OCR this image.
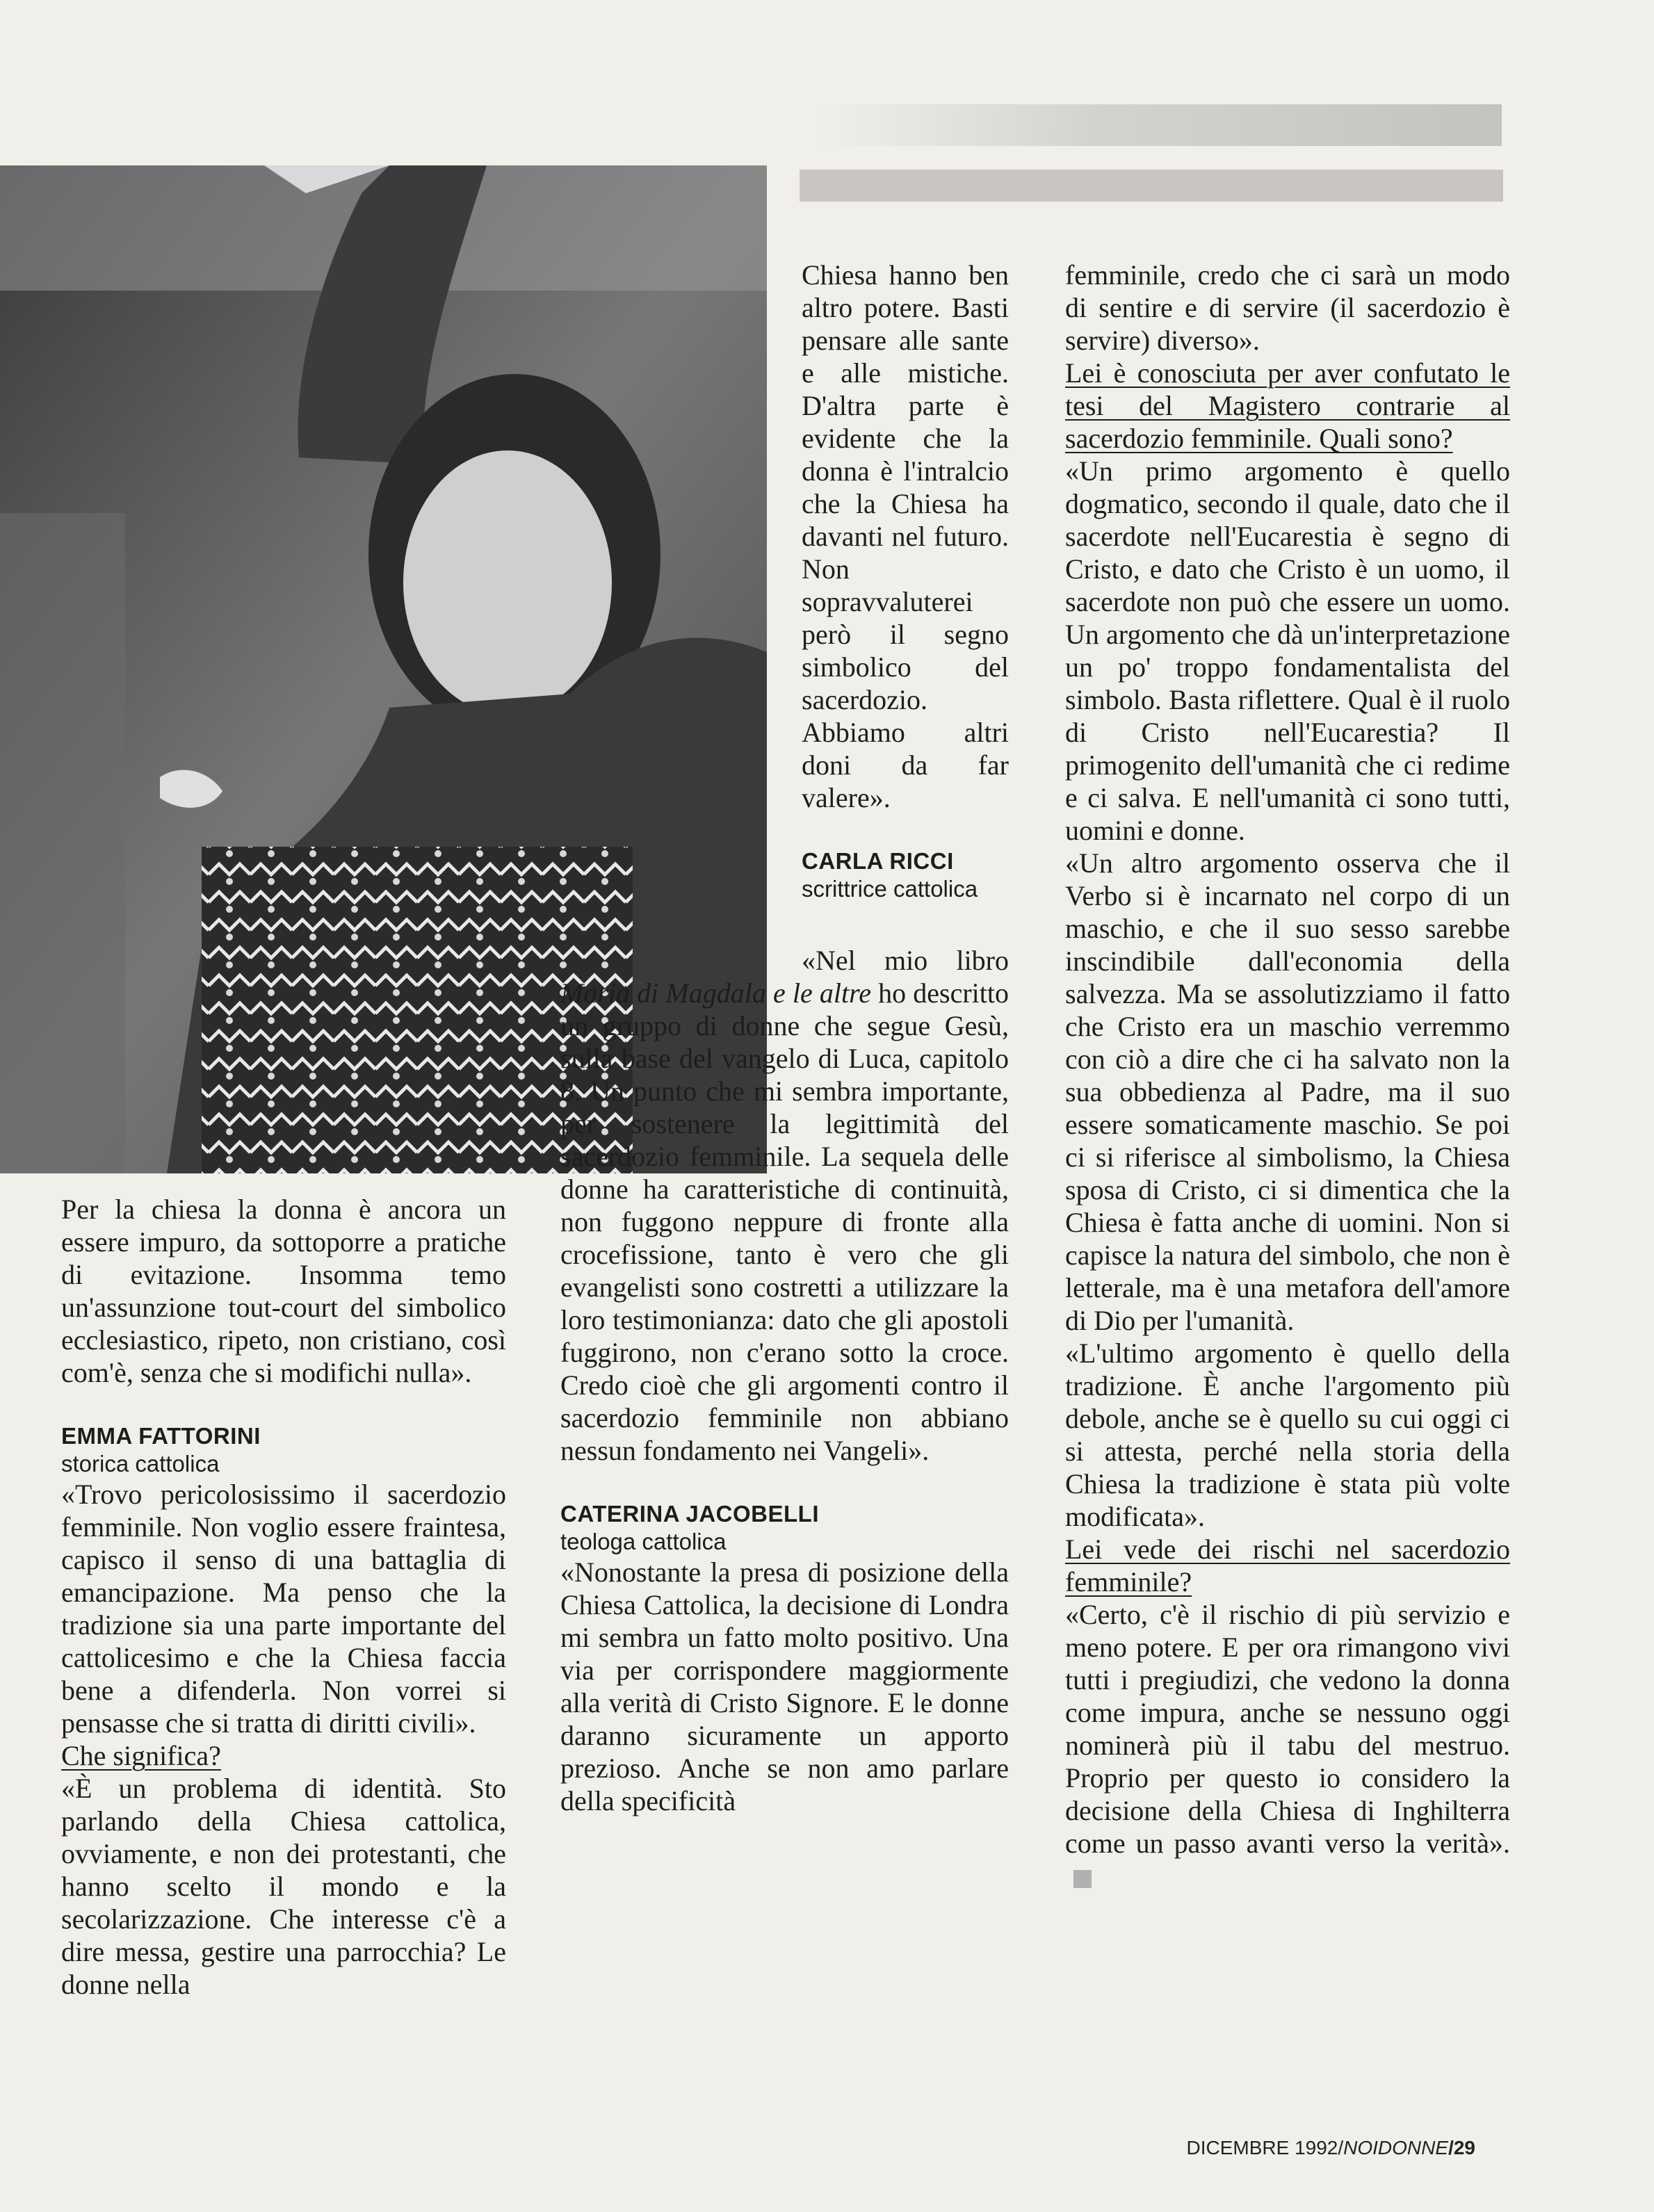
Per la chiesa la donna è ancora un essere impuro, da sottoporre a pratiche di evitazione. Insomma temo un'assunzione tout-court del simbolico ecclesiastico, ripeto, non cristiano, così com'è, senza che si modifichi nulla».

EMMA FATTORINI
storica cattolica

«Trovo pericolosissimo il sacerdozio femminile. Non voglio essere fraintesa, capisco il senso di una battaglia di emancipazione. Ma penso che la tradizione sia una parte importante del cattolicesimo e che la Chiesa faccia bene a difenderla. Non vorrei si pensasse che si tratta di diritti civili».

Che significa?

«È un problema di identità. Sto parlando della Chiesa cattolica, ovviamente, e non dei protestanti, che hanno scelto il mondo e la secolarizzazione. Che interesse c'è a dire messa, gestire una parrocchia? Le donne nella

Chiesa hanno ben altro potere. Basti pensare alle sante e alle mistiche. D'altra parte è evidente che la donna è l'intralcio che la Chiesa ha davanti nel futuro. Non sopravvaluterei però il segno simbolico del sacerdozio. Abbiamo altri doni da far valere».

CARLA RICCI
scrittrice cattolica

«Nel mio libro Maria di Magdala e le altre ho descritto un gruppo di donne che segue Gesù, sulla base del vangelo di Luca, capitolo 8. Un punto che mi sembra importante, per sostenere la legittimità del sacerdozio femminile. La sequela delle donne ha caratteristiche di continuità, non fuggono neppure di fronte alla crocefissione, tanto è vero che gli evangelisti sono costretti a utilizzare la loro testimonianza: dato che gli apostoli fuggirono, non c'erano sotto la croce. Credo cioè che gli argomenti contro il sacerdozio femminile non abbiano nessun fondamento nei Vangeli».

CATERINA JACOBELLI
teologa cattolica

«Nonostante la presa di posizione della Chiesa Cattolica, la decisione di Londra mi sembra un fatto molto positivo. Una via per corrispondere maggiormente alla verità di Cristo Signore. E le donne daranno sicuramente un apporto prezioso. Anche se non amo parlare della specificità

femminile, credo che ci sarà un modo di sentire e di servire (il sacerdozio è servire) diverso».

Lei è conosciuta per aver confutato le tesi del Magistero contrarie al sacerdozio femminile. Quali sono?

«Un primo argomento è quello dogmatico, secondo il quale, dato che il sacerdote nell'Eucarestia è segno di Cristo, e dato che Cristo è un uomo, il sacerdote non può che essere un uomo. Un argomento che dà un'interpretazione un po' troppo fondamentalista del simbolo. Basta riflettere. Qual è il ruolo di Cristo nell'Eucarestia? Il primogenito dell'umanità che ci redime e ci salva. E nell'umanità ci sono tutti, uomini e donne.

«Un altro argomento osserva che il Verbo si è incarnato nel corpo di un maschio, e che il suo sesso sarebbe inscindibile dall'economia della salvezza. Ma se assolutizziamo il fatto che Cristo era un maschio verremmo con ciò a dire che ci ha salvato non la sua obbedienza al Padre, ma il suo essere somaticamente maschio. Se poi ci si riferisce al simbolismo, la Chiesa sposa di Cristo, ci si dimentica che la Chiesa è fatta anche di uomini. Non si capisce la natura del simbolo, che non è letterale, ma è una metafora dell'amore di Dio per l'umanità.

«L'ultimo argomento è quello della tradizione. È anche l'argomento più debole, anche se è quello su cui oggi ci si attesta, perché nella storia della Chiesa la tradizione è stata più volte modificata».

Lei vede dei rischi nel sacerdozio femminile?

«Certo, c'è il rischio di più servizio e meno potere. E per ora rimangono vivi tutti i pregiudizi, che vedono la donna come impura, anche se nessuno oggi nominerà più il tabu del mestruo. Proprio per questo io considero la decisione della Chiesa di Inghilterra come un passo avanti verso la verità».

DICEMBRE 1992/NOIDONNE/29
